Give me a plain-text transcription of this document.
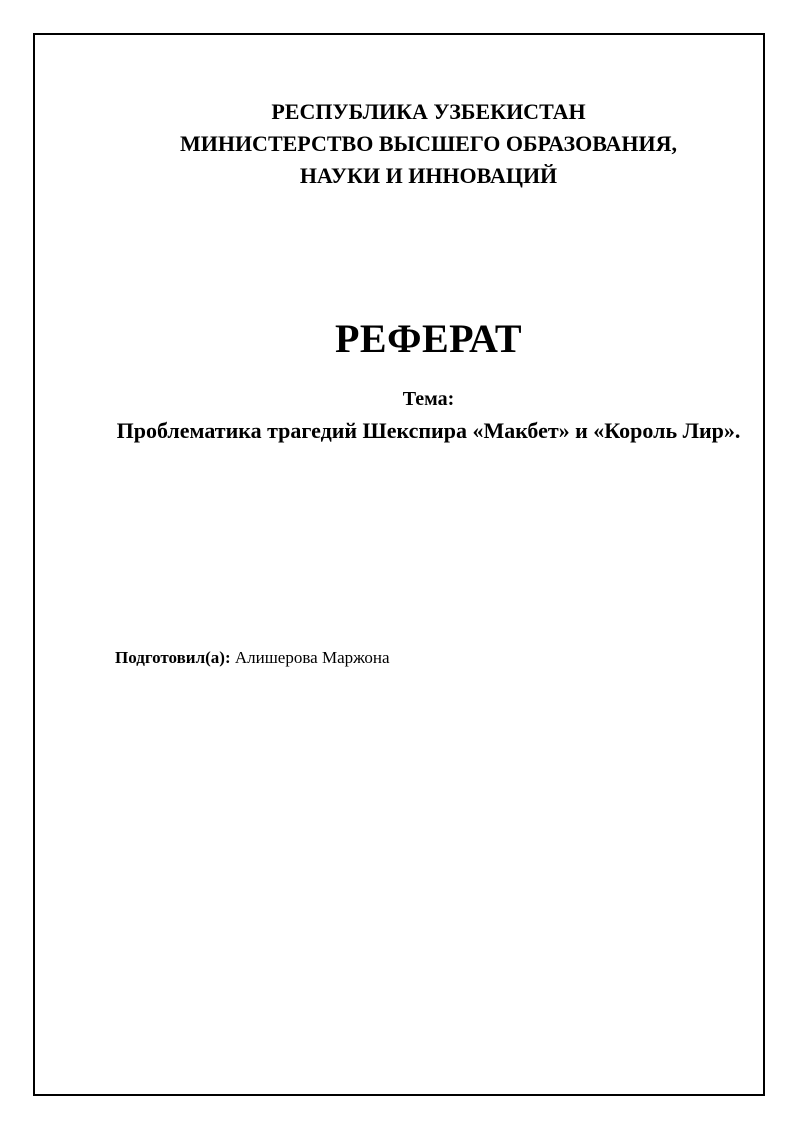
РЕСПУБЛИКА УЗБЕКИСТАН
МИНИСТЕРСТВО ВЫСШЕГО ОБРАЗОВАНИЯ,
НАУКИ И ИННОВАЦИЙ
РЕФЕРАТ
Тема:
Проблематика трагедий Шекспира «Макбет» и «Король Лир».
Подготовил(а): Алишерова Маржона
